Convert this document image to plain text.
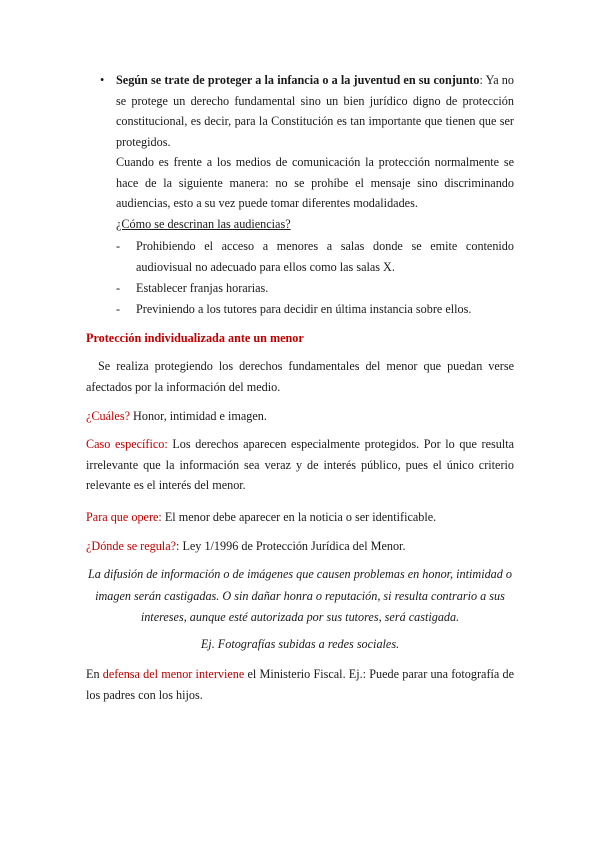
• Según se trate de proteger a la infancia o a la juventud en su conjunto: Ya no se protege un derecho fundamental sino un bien jurídico digno de protección constitucional, es decir, para la Constitución es tan importante que tienen que ser protegidos.
Cuando es frente a los medios de comunicación la protección normalmente se hace de la siguiente manera: no se prohíbe el mensaje sino discriminando audiencias, esto a su vez puede tomar diferentes modalidades.
¿Cómo se descrinan las audiencias?
- Prohibiendo el acceso a menores a salas donde se emite contenido audiovisual no adecuado para ellos como las salas X.
- Establecer franjas horarias.
- Previniendo a los tutores para decidir en última instancia sobre ellos.
Protección individualizada ante un menor
Se realiza protegiendo los derechos fundamentales del menor que puedan verse afectados por la información del medio.
¿Cuáles? Honor, intimidad e imagen.
Caso específico: Los derechos aparecen especialmente protegidos. Por lo que resulta irrelevante que la información sea veraz y de interés público, pues el único criterio relevante es el interés del menor.
Para que opere: El menor debe aparecer en la noticia o ser identificable.
¿Dónde se regula?: Ley 1/1996 de Protección Jurídica del Menor.
La difusión de información o de imágenes que causen problemas en honor, intimidad o imagen serán castigadas. O sin dañar honra o reputación, si resulta contrario a sus intereses, aunque esté autorizada por sus tutores, será castigada.
Ej. Fotografías subidas a redes sociales.
En defensa del menor interviene el Ministerio Fiscal. Ej.: Puede parar una fotografía de los padres con los hijos.
